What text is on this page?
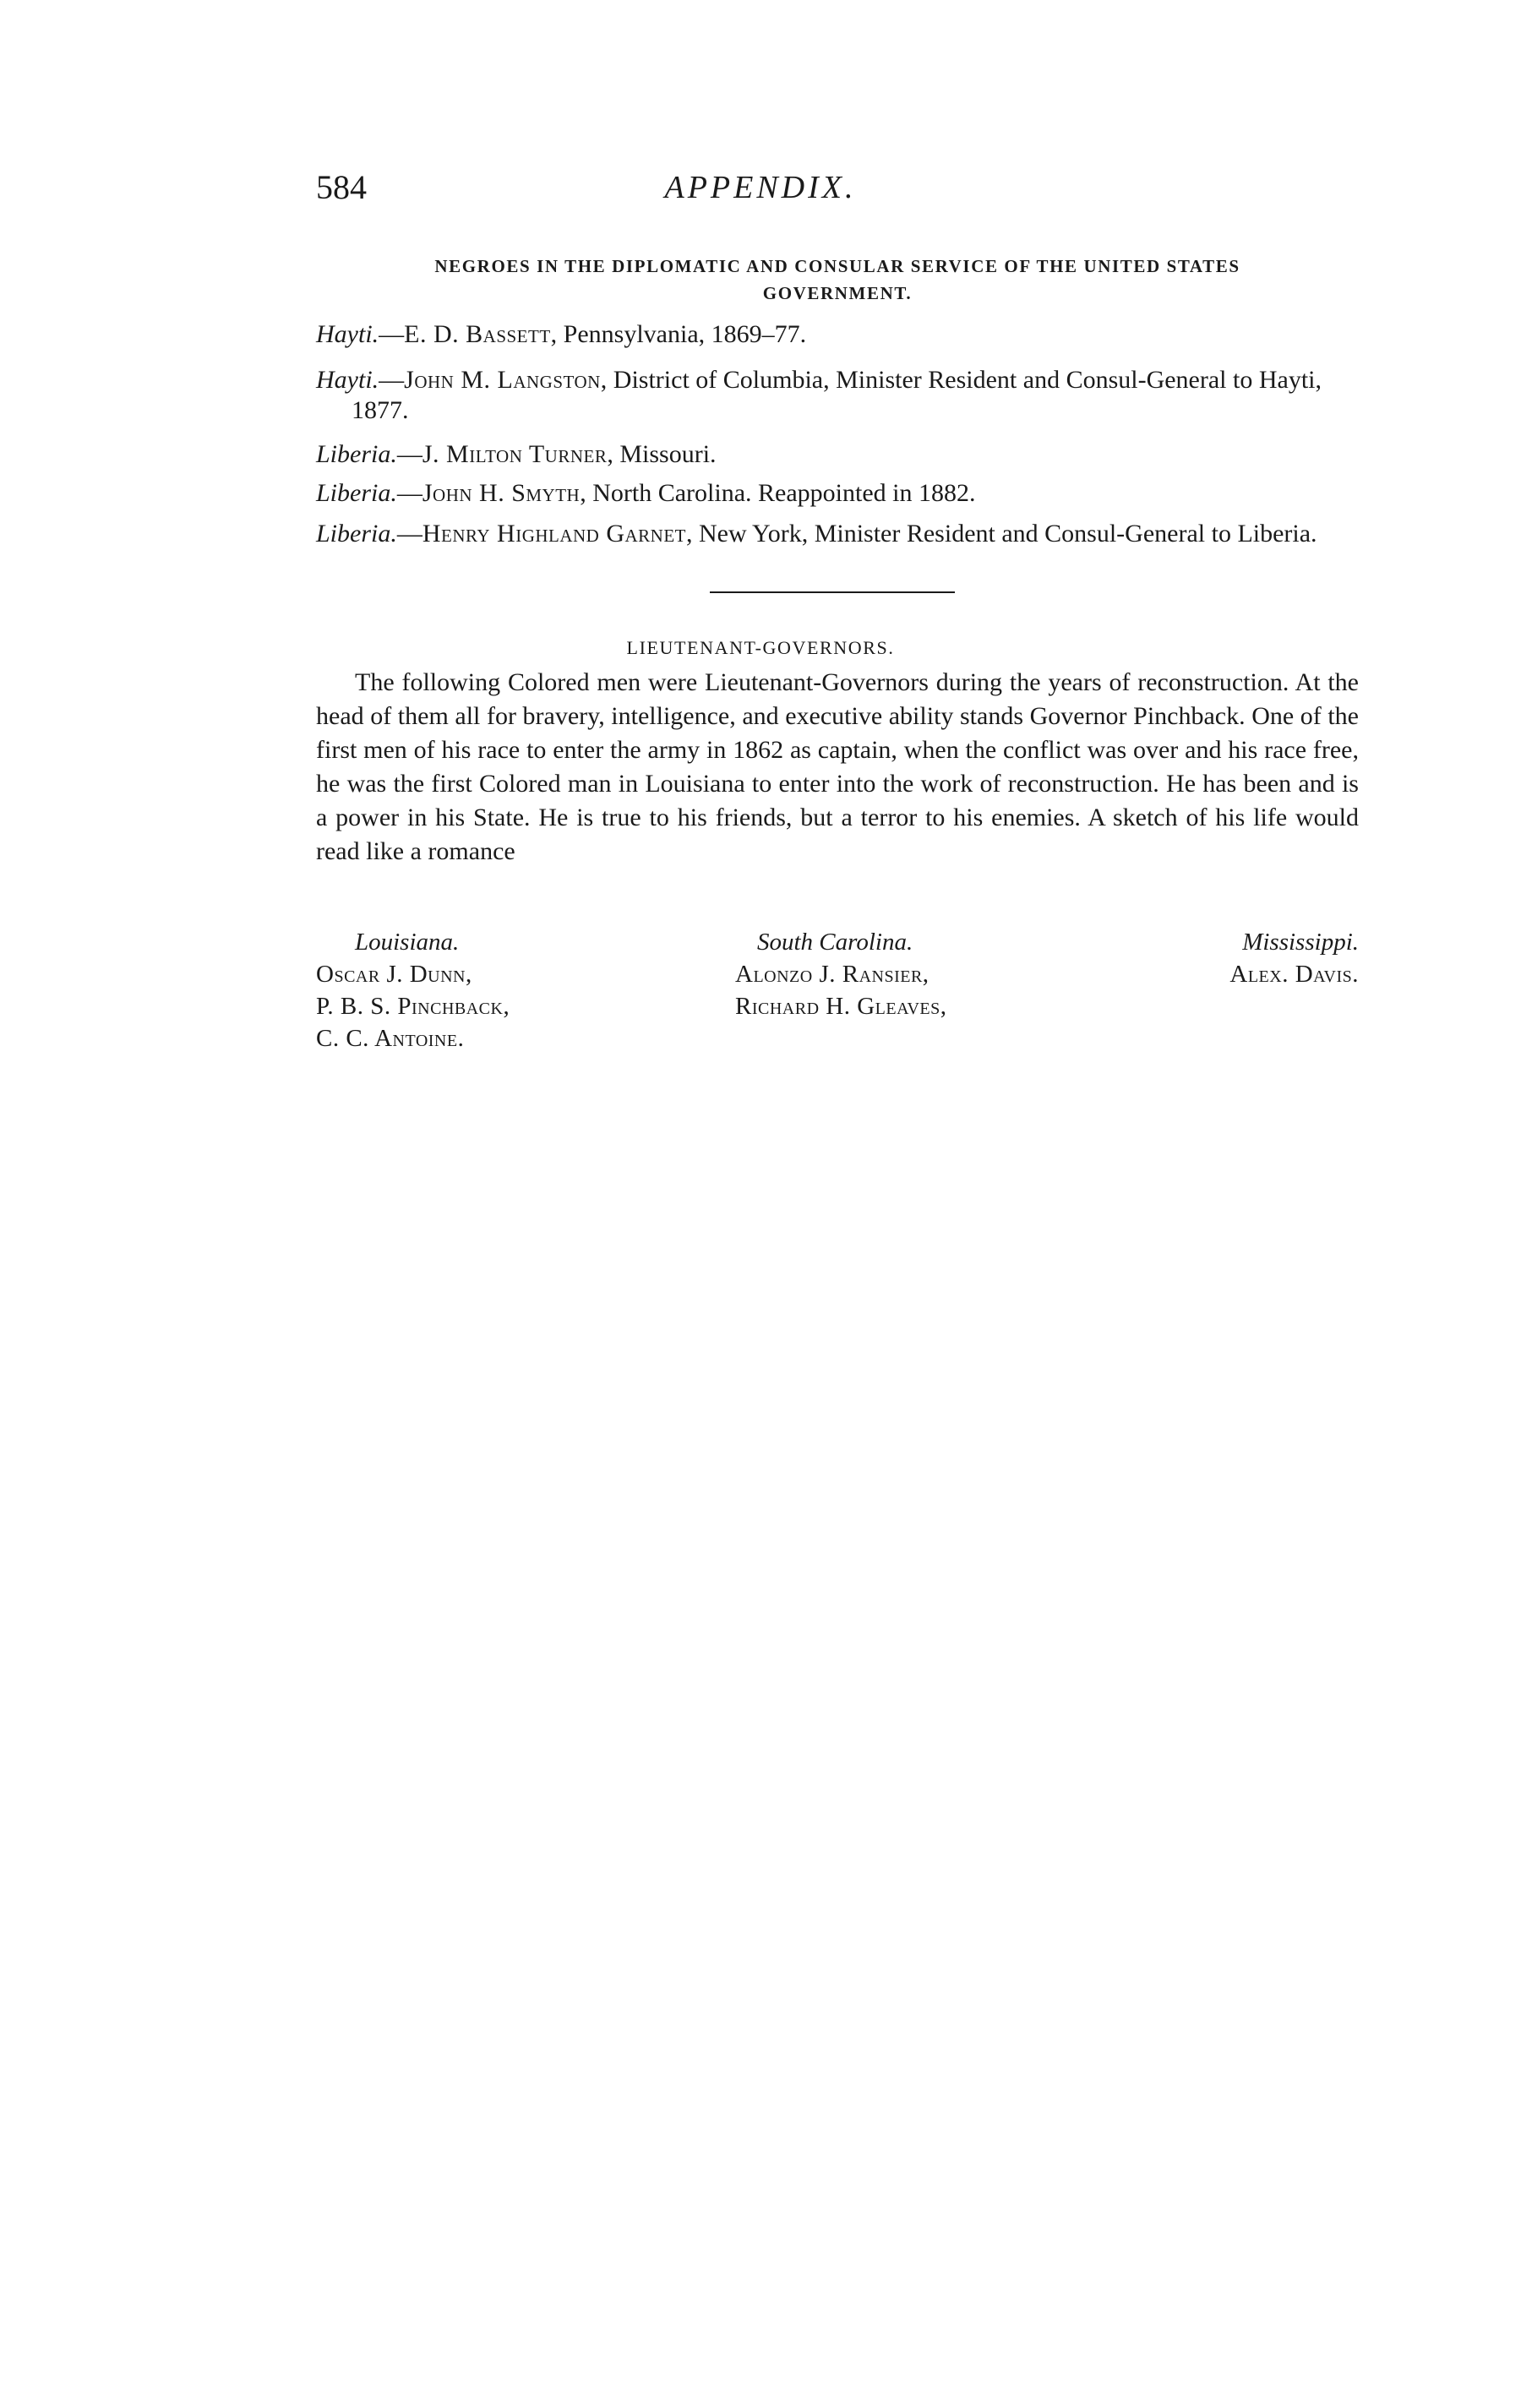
584	APPENDIX.
NEGROES IN THE DIPLOMATIC AND CONSULAR SERVICE OF THE UNITED STATES
GOVERNMENT.
Hayti.—E. D. Bassett, Pennsylvania, 1869–77.
Hayti.—John M. Langston, District of Columbia, Minister Resident and Consul-General to Hayti, 1877.
Liberia.—J. Milton Turner, Missouri.
Liberia.—John H. Smyth, North Carolina. Reappointed in 1882.
Liberia.—Henry Highland Garnet, New York, Minister Resident and Consul-General to Liberia.
LIEUTENANT-GOVERNORS.
The following Colored men were Lieutenant-Governors during the years of reconstruction. At the head of them all for bravery, intelligence, and executive ability stands Governor Pinchback. One of the first men of his race to enter the army in 1862 as captain, when the conflict was over and his race free, he was the first Colored man in Louisiana to enter into the work of reconstruction. He has been and is a power in his State. He is true to his friends, but a terror to his enemies. A sketch of his life would read like a romance
Louisiana.
Oscar J. Dunn,
P. B. S. Pinchback,
C. C. Antoine.
South Carolina.
Alonzo J. Ransier,
Richard H. Gleaves,
Mississippi.
Alex. Davis.
